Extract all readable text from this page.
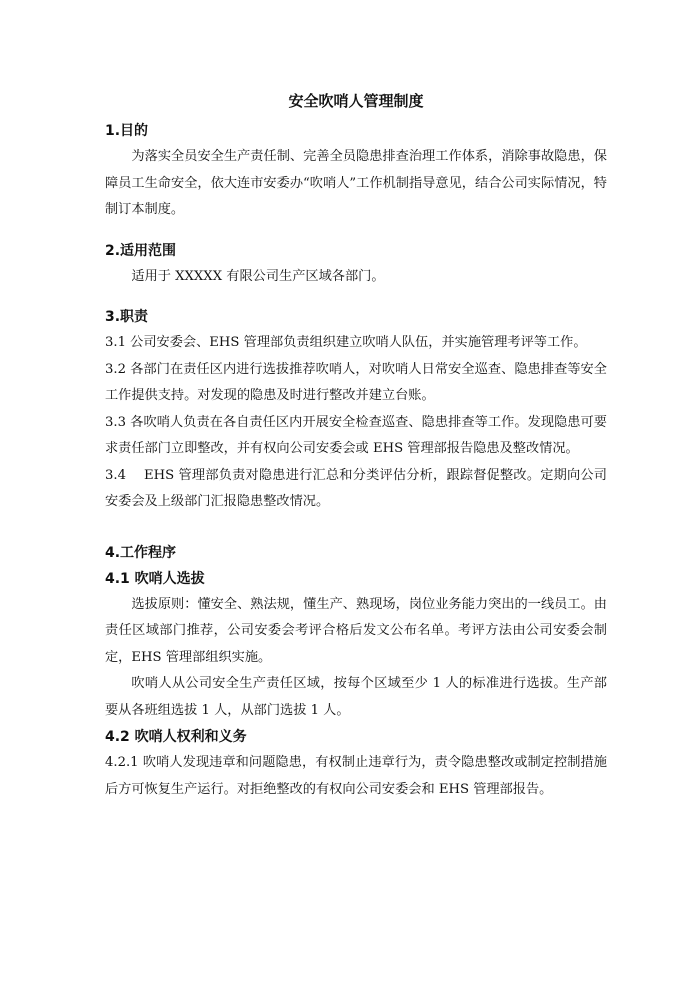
安全吹哨人管理制度

1.目的

为落实全员安全生产责任制、完善全员隐患排查治理工作体系，消除事故隐患，保障员工生命安全，依大连市安委办“吹哨人”工作机制指导意见，结合公司实际情况，特制订本制度。

2.适用范围

适用于 XXXXX 有限公司生产区域各部门。

3.职责

3.1 公司安委会、EHS 管理部负责组织建立吹哨人队伍，并实施管理考评等工作。

3.2 各部门在责任区内进行选拔推荐吹哨人，对吹哨人日常安全巡查、隐患排查等安全工作提供支持。对发现的隐患及时进行整改并建立台账。

3.3 各吹哨人负责在各自责任区内开展安全检查巡查、隐患排查等工作。发现隐患可要求责任部门立即整改，并有权向公司安委会或 EHS 管理部报告隐患及整改情况。

3.4　 EHS 管理部负责对隐患进行汇总和分类评估分析，跟踪督促整改。定期向公司安委会及上级部门汇报隐患整改情况。

4.工作程序

4.1 吹哨人选拔

选拔原则：懂安全、熟法规，懂生产、熟现场，岗位业务能力突出的一线员工。由责任区域部门推荐，公司安委会考评合格后发文公布名单。考评方法由公司安委会制定，EHS 管理部组织实施。

吹哨人从公司安全生产责任区域，按每个区域至少 1 人的标准进行选拔。生产部要从各班组选拔 1 人，从部门选拔 1 人。

4.2 吹哨人权利和义务

4.2.1 吹哨人发现违章和问题隐患，有权制止违章行为，责令隐患整改或制定控制措施后方可恢复生产运行。对拒绝整改的有权向公司安委会和 EHS 管理部报告。
